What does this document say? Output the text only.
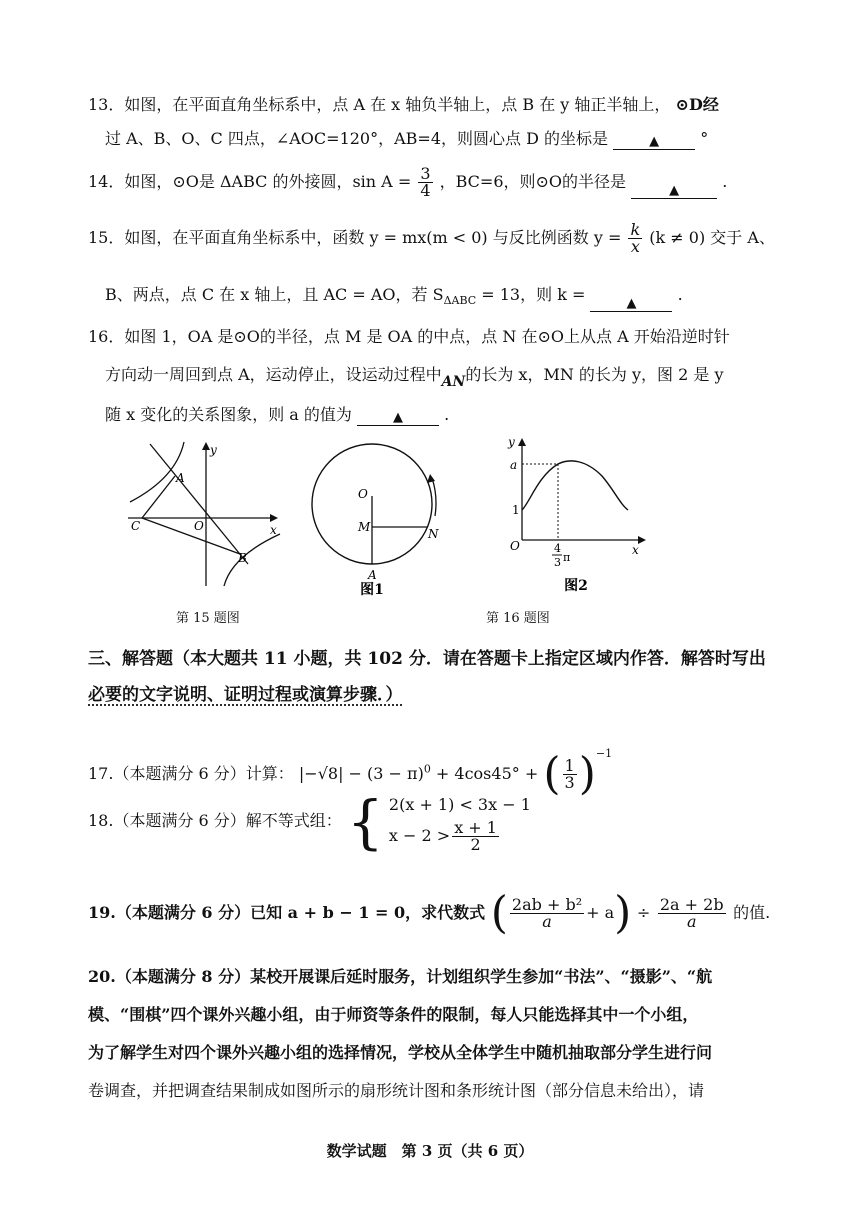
13．如图，在平面直角坐标系中，点 A 在 x 轴负半轴上，点 B 在 y 轴正半轴上， ⊙D经
过 A、B、O、C 四点，∠AOC=120°，AB=4，则圆心点 D 的坐标是	▲	°
14．如图，⊙O是 ΔABC 的外接圆，$\sin A = \frac{3}{4}$ ，BC=6，则⊙O的半径是	▲	.
15．如图，在平面直角坐标系中，函数 y = mx(m < 0) 与反比例函数 $y = \frac{k}{x} (k \ne 0)$ 交于 A、
B、两点，点 C 在 x 轴上，且 AC = AO，若 $S_{\Delta ABC} = 13$，则 k =	▲	.
16．如图 1，OA 是⊙O的半径，点 M 是 OA 的中点，点 N 在⊙O上从点 A 开始沿逆时针
方向动一周回到点 A，运动停止，设运动过程中AN的长为 x，MN 的长为 y，图 2 是 y
随 x 变化的关系图象，则 a 的值为	▲	.
y
A
C	O	x
B
O
M	N
A
图1
y
a
1
O	4
3 π
x
图2
第 15 题图	第 16 题图
三、解答题（本大题共 11 小题，共 102 分．请在答题卡上指定区域内作答．解答时写出
必要的文字说明、证明过程或演算步骤．）
17.（本题满分 6 分）计算： $|-√8| - (3 - \pi)^0 + 4\cos 45^\circ$ + ( $\frac{1}{3} )^{-1}$
18.（本题满分 6 分）解不等式组： { 2(x + 1) < 3x − 1
$x - 2 > \frac{x + 1}{2}$
19.（本题满分 6 分）已知 a + b − 1 = 0，求代数式 ( $\frac{\text{2ab + b²}}{a} + a) \div \frac{2a + 2b}{a}$ 的值.
20.（本题满分 8 分）某校开展课后延时服务，计划组织学生参加“书法”、“摄影”、“航
模、“围棋”四个课外兴趣小组，由于师资等条件的限制，每人只能选择其中一个小组，
为了解学生对四个课外兴趣小组的选择情况，学校从全体学生中随机抽取部分学生进行问
卷调查，并把调查结果制成如图所示的扇形统计图和条形统计图（部分信息未给出），请
数学试题　第 3 页（共 6 页）
